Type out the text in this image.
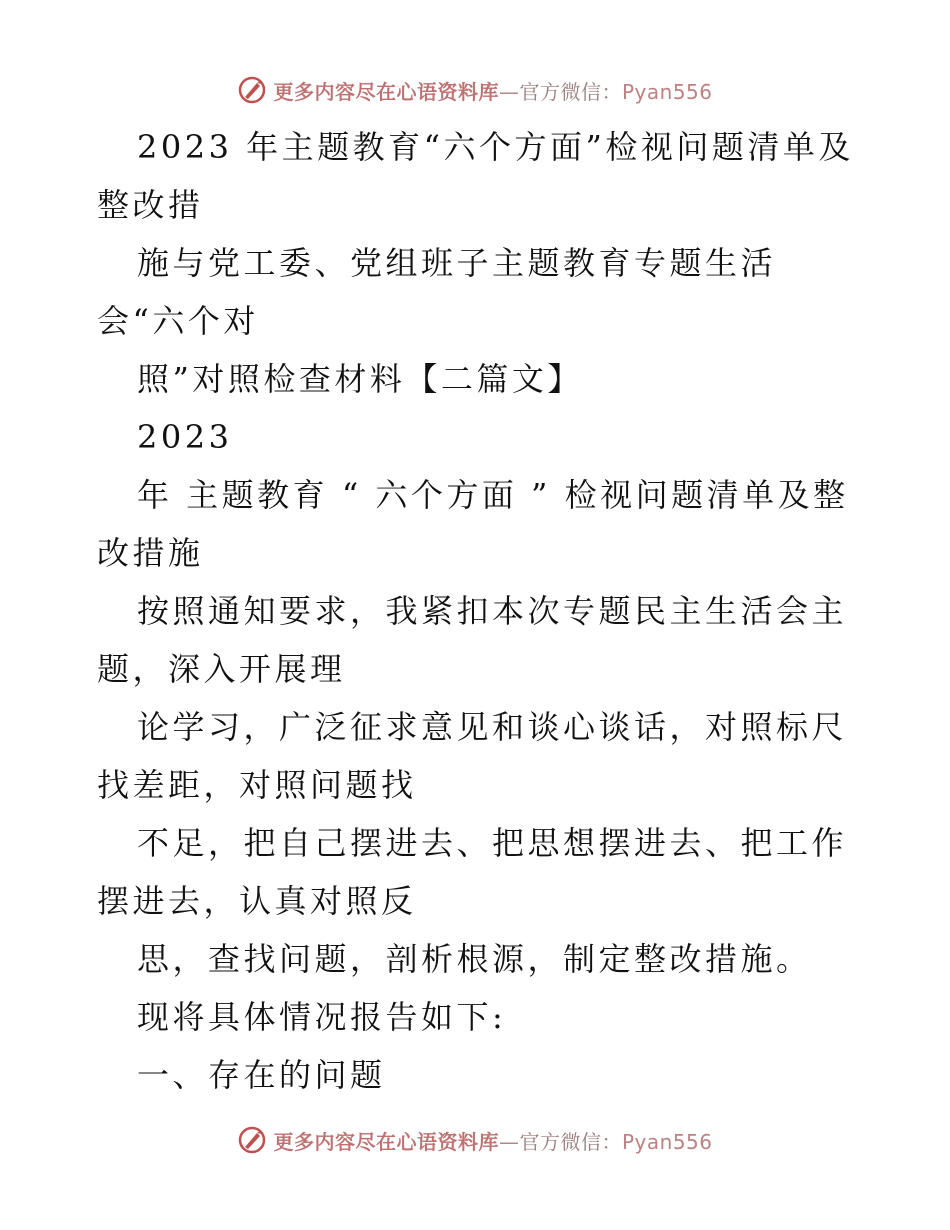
更多内容尽在心语资料库—官方微信：Pyan556

2023 年主题教育“六个方面”检视问题清单及整改措

施与党工委、党组班子主题教育专题生活会“六个对

照”对照检查材料【二篇文】

2023

年 主题教育 “ 六个方面 ” 检视问题清单及整改措施

按照通知要求，我紧扣本次专题民主生活会主题，深入开展理

论学习，广泛征求意见和谈心谈话，对照标尺找差距，对照问题找

不足，把自己摆进去、把思想摆进去、把工作摆进去，认真对照反

思，查找问题，剖析根源，制定整改措施。

现将具体情况报告如下:

一、存在的问题

更多内容尽在心语资料库—官方微信：Pyan556
